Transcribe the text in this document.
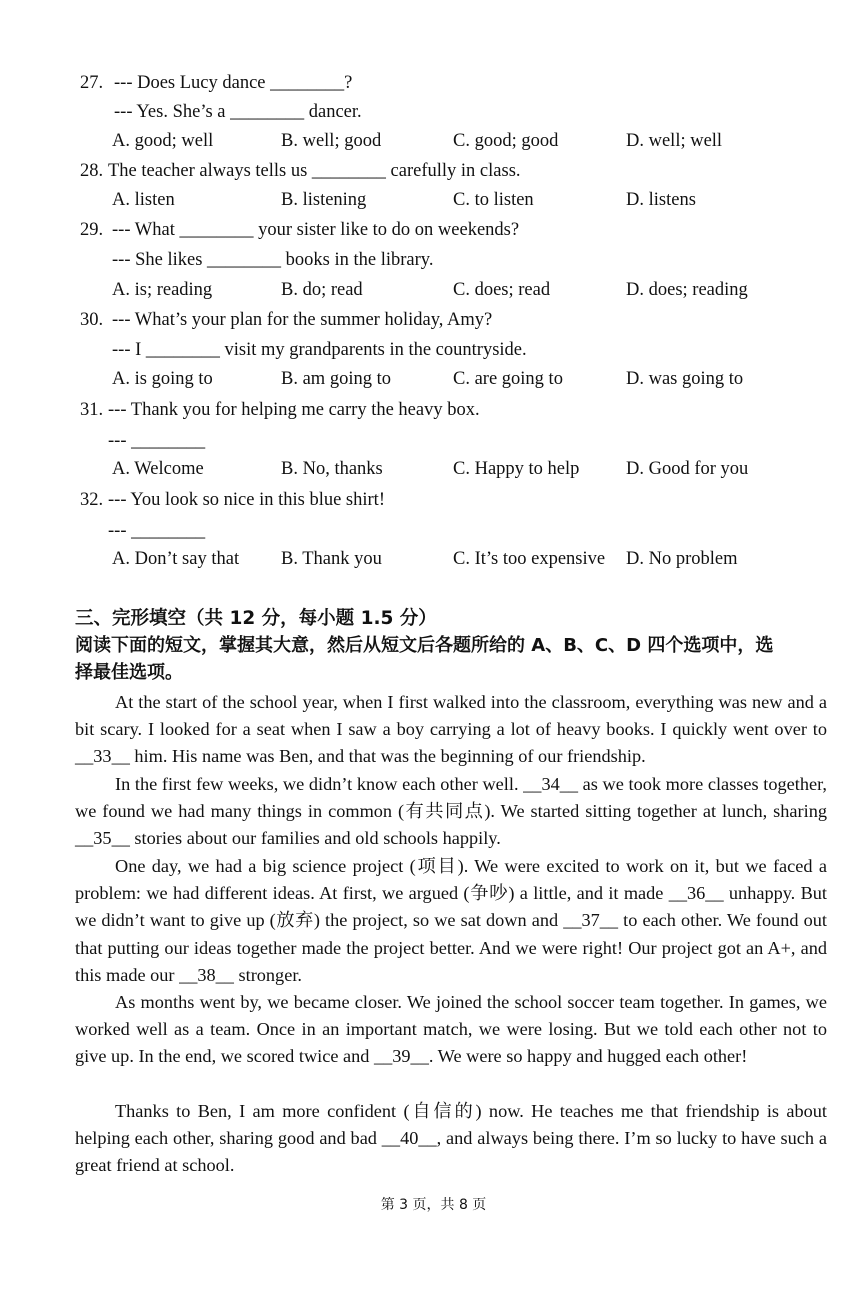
27. --- Does Lucy dance ________?
--- Yes. She’s a ________ dancer.
A. good; well	B. well; good	C. good; good	D. well; well
28. The teacher always tells us ________ carefully in class.
A. listen	B. listening	C. to listen	D. listens
29. --- What ________ your sister like to do on weekends?
--- She likes ________ books in the library.
A. is; reading	B. do; read	C. does; read	D. does; reading
30. --- What’s your plan for the summer holiday, Amy?
--- I ________ visit my grandparents in the countryside.
A. is going to	B. am going to	C. are going to	D. was going to
31. --- Thank you for helping me carry the heavy box.
--- ________
A. Welcome	B. No, thanks	C. Happy to help	D. Good for you
32. --- You look so nice in this blue shirt!
--- ________
A. Don’t say that B. Thank you	C. It’s too expensive D. No problem
三、完形填空（共 12 分，每小题 1.5 分）
阅读下面的短文，掌握其大意，然后从短文后各题所给的 A、B、C、D 四个选项中，选
择最佳选项。

At the start of the school year, when I first walked into the classroom, everything was new and a bit scary. I looked for a seat when I saw a boy carrying a lot of heavy books. I quickly went over to __33__ him. His name was Ben, and that was the beginning of our friendship.

In the first few weeks, we didn’t know each other well. __34__ as we took more classes together, we found we had many things in common (有共同点). We started sitting together at lunch, sharing __35__ stories about our families and old schools happily.

One day, we had a big science project (项目). We were excited to work on it, but we faced a problem: we had different ideas. At first, we argued (争吵) a little, and it made __36__ unhappy. But we didn’t want to give up (放弃) the project, so we sat down and __37__ to each other. We found out that putting our ideas together made the project better. And we were right! Our project got an A+, and this made our __38__ stronger.

As months went by, we became closer. We joined the school soccer team together. In games, we worked well as a team. Once in an important match, we were losing. But we told each other not to give up. In the end, we scored twice and __39__. We were so happy and hugged each other!

Thanks to Ben, I am more confident (自信的) now. He teaches me that friendship is about helping each other, sharing good and bad __40__, and always being there. I’m so lucky to have such a great friend at school.

第 3 页，共 8 页
